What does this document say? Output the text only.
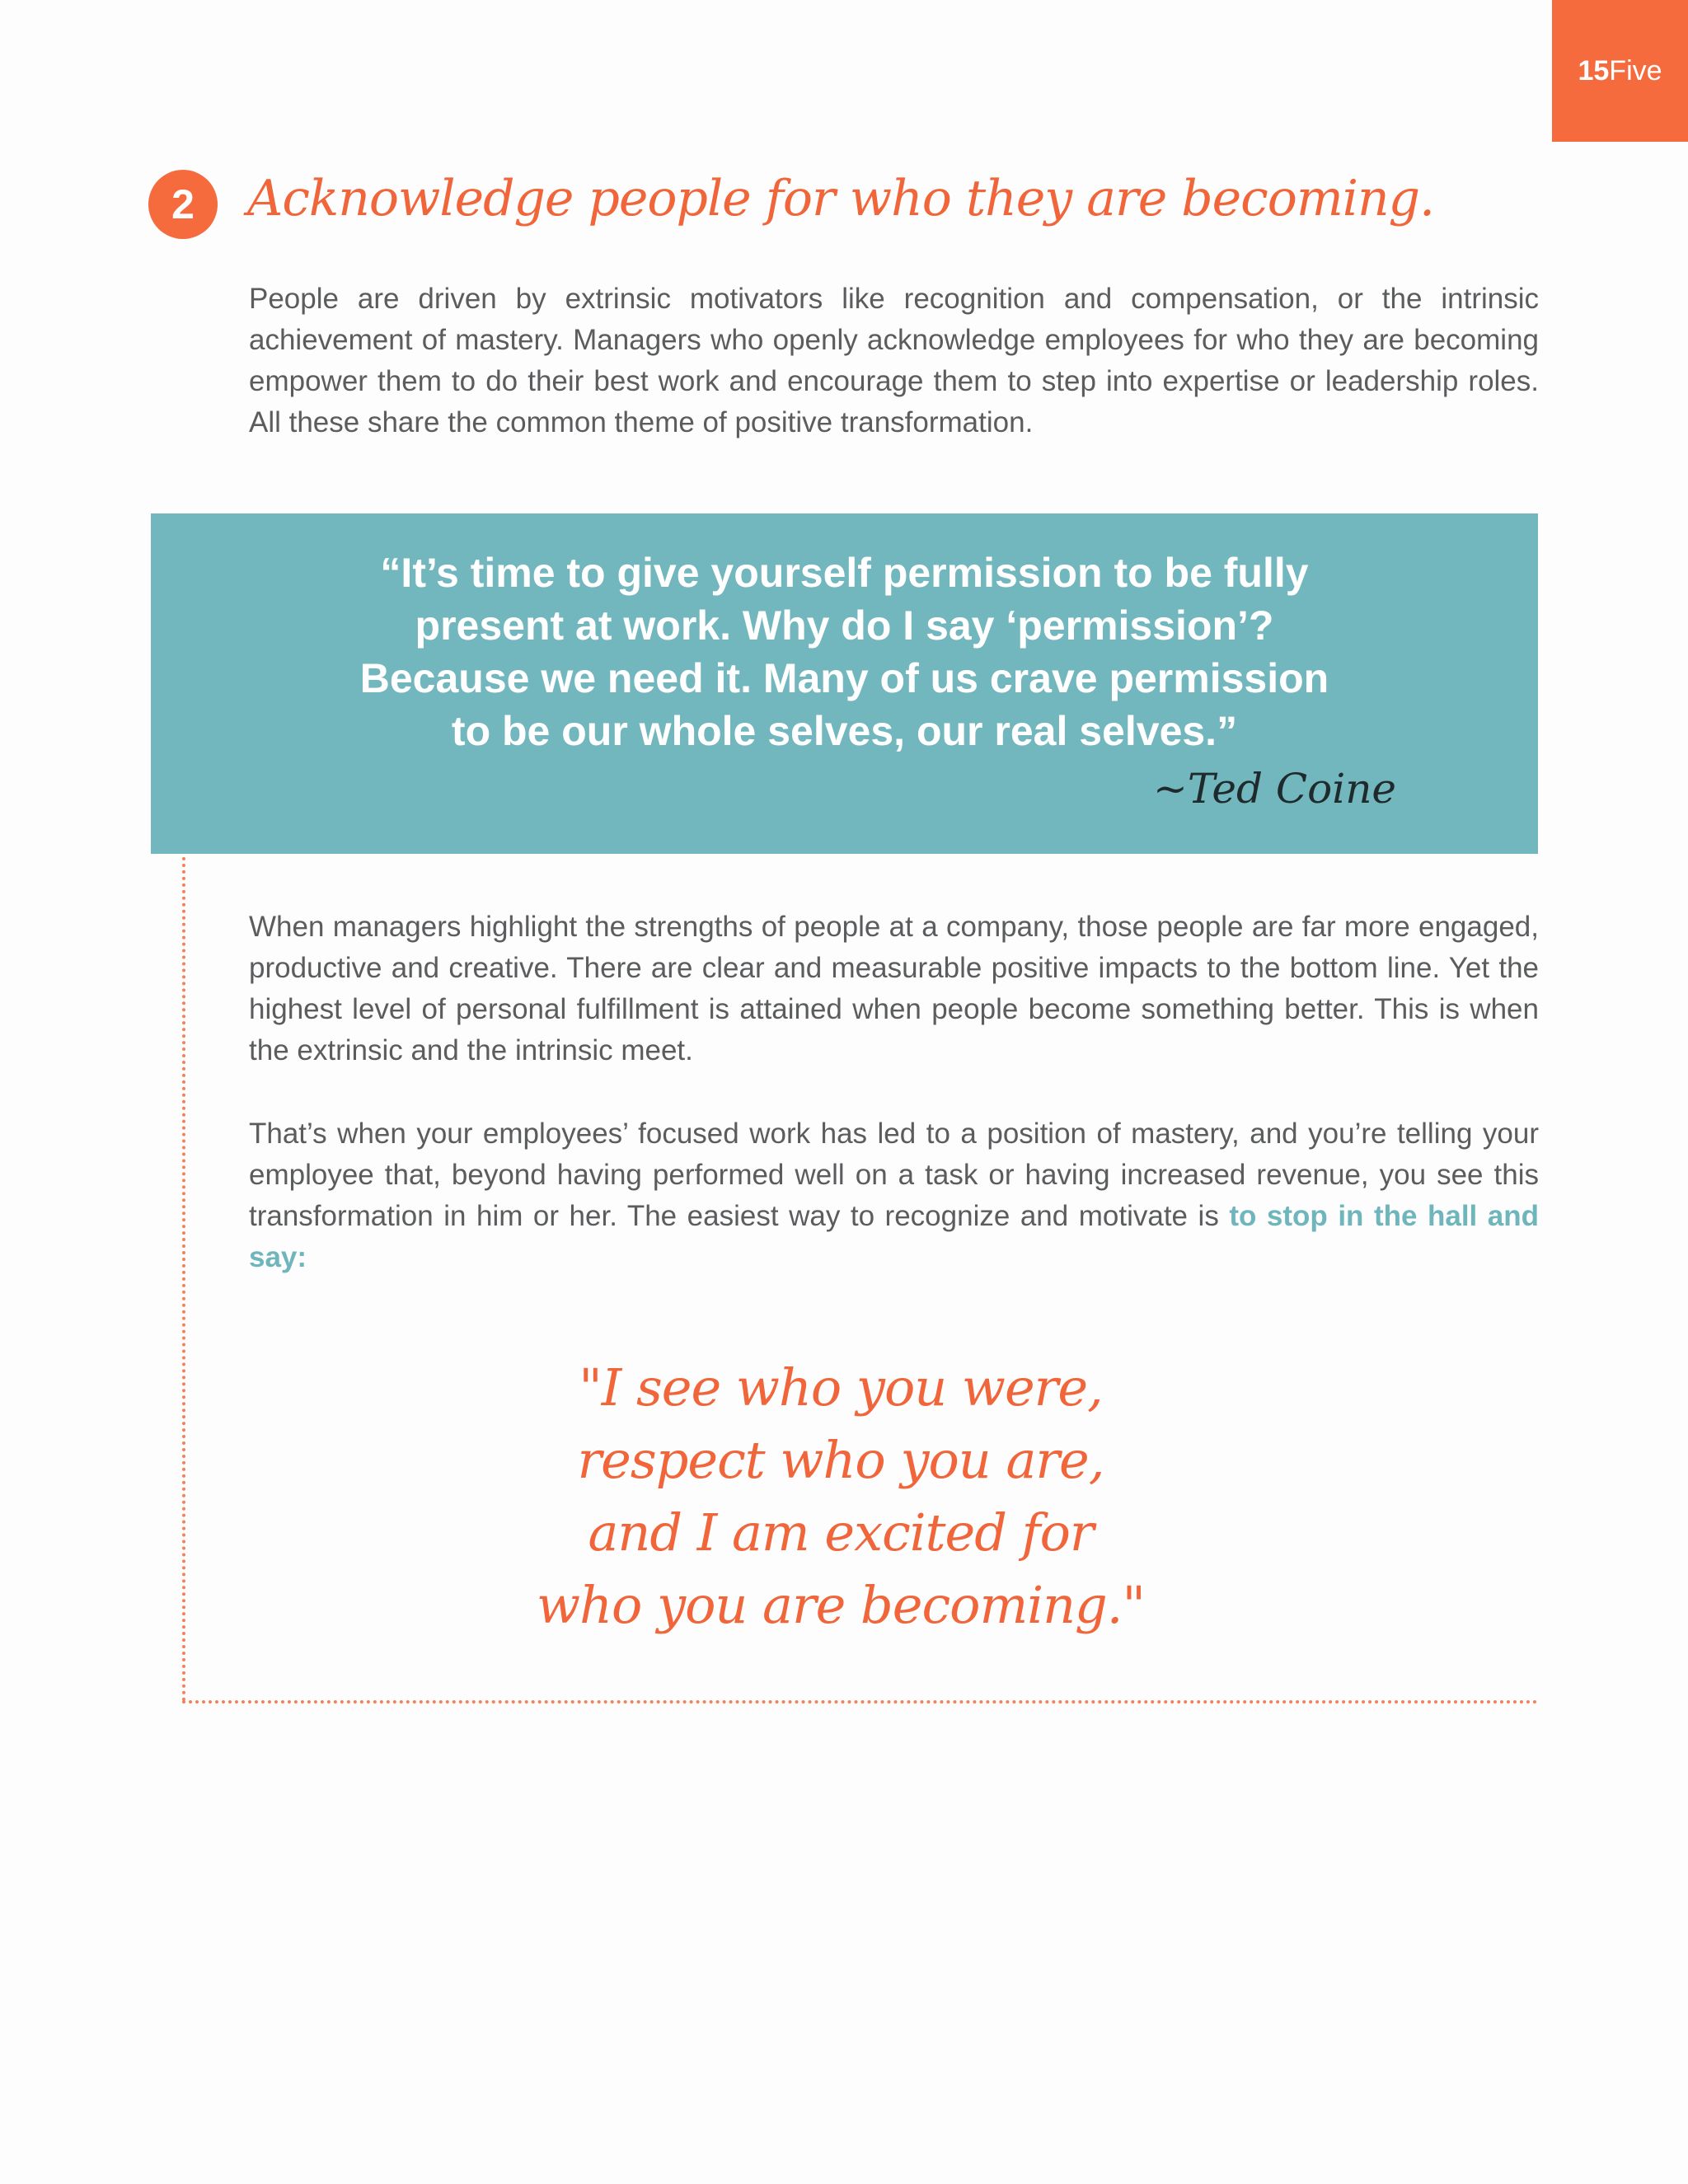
15 Five
2	Acknowledge people for who they are becoming.

People are driven by extrinsic motivators like recognition and compensation, or the intrinsic achievement of mastery. Managers who openly acknowledge employees for who they are becoming empower them to do their best work and encourage them to step into expertise or leadership roles. All these share the common theme of positive transformation.

“It’s time to give yourself permission to be fully
present at work. Why do I say ‘permission’?
Because we need it. Many of us crave permission
to be our whole selves, our real selves.”

~Ted Coine

When managers highlight the strengths of people at a company, those people are far more engaged, productive and creative. There are clear and measurable positive impacts to the bottom line. Yet the highest level of personal fulfillment is attained when people become something better. This is when the extrinsic and the intrinsic meet.

That’s when your employees’ focused work has led to a position of mastery, and you’re telling your employee that, beyond having performed well on a task or having increased revenue, you see this transformation in him or her. The easiest way to recognize and motivate is to stop in the hall and say:

"I see who you were,
respect who you are,
and I am excited for
who you are becoming."
